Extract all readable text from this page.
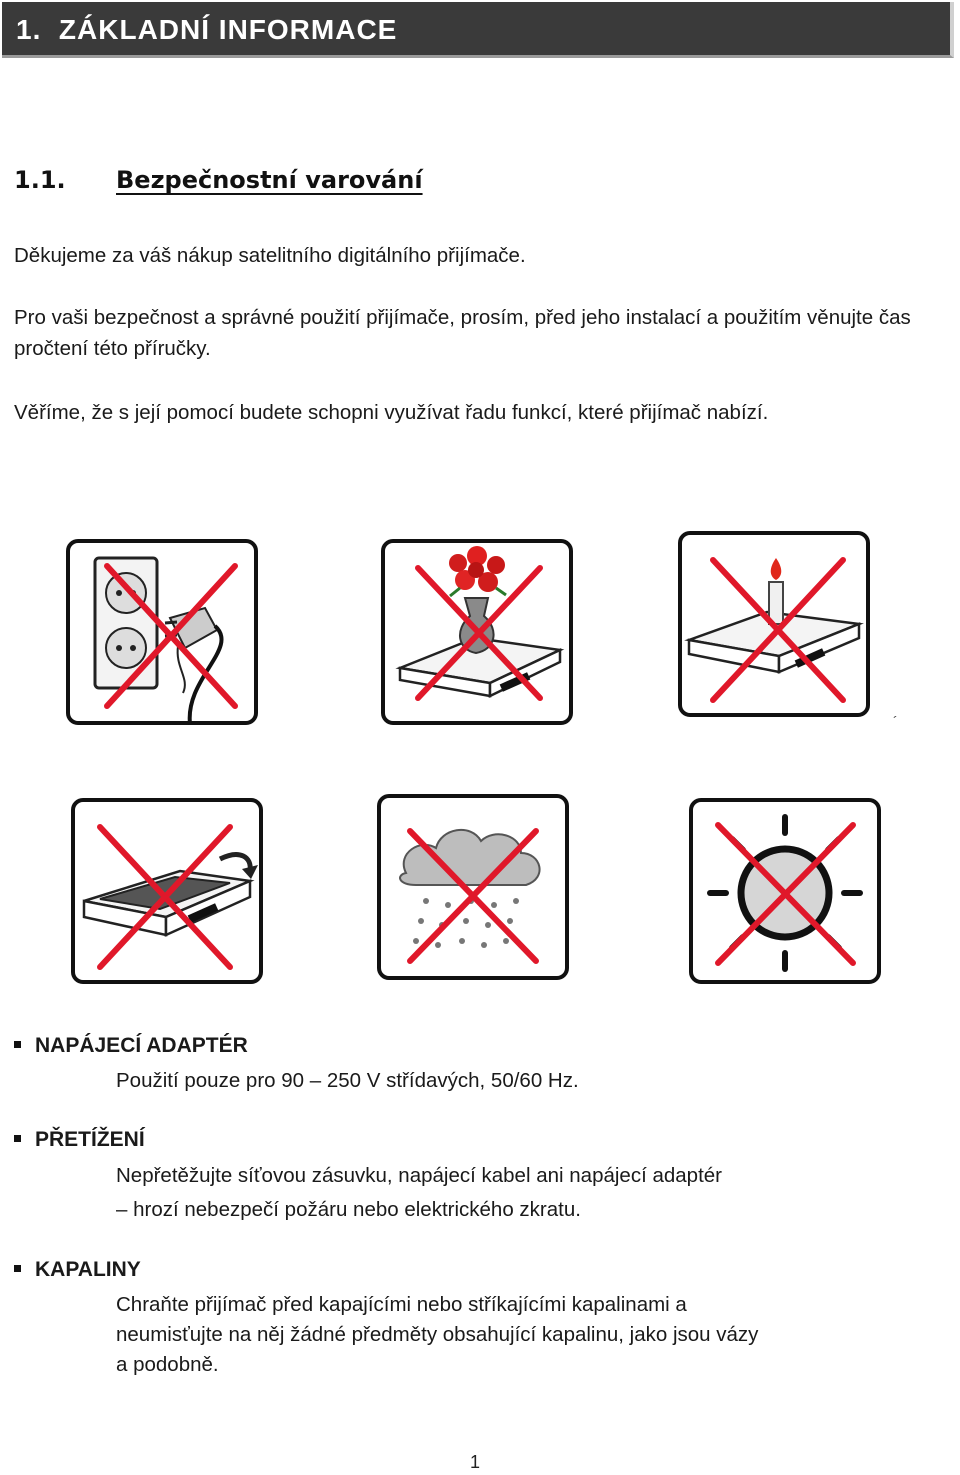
1. ZÁKLADNÍ INFORMACE
1.1. Bezpečnostní varování
Děkujeme za váš nákup satelitního digitálního přijímače.
Pro vaši bezpečnost a správné použití přijímače, prosím, před jeho instalací a použitím věnujte čas pročtení této příručky.
Věříme, že s její pomocí budete schopni využívat řadu funkcí, které přijímač nabízí.
´
NAPÁJECÍ ADAPTÉR
Použití pouze pro 90 – 250 V střídavých, 50/60 Hz.
PŘETÍŽENÍ
Nepřetěžujte síťovou zásuvku, napájecí kabel ani napájecí adaptér
– hrozí nebezpečí požáru nebo elektrického zkratu.
KAPALINY
Chraňte přijímač před kapajícími nebo stříkajícími kapalinami a
neumisťujte na něj žádné předměty obsahující kapalinu, jako jsou vázy
a podobně.
1
